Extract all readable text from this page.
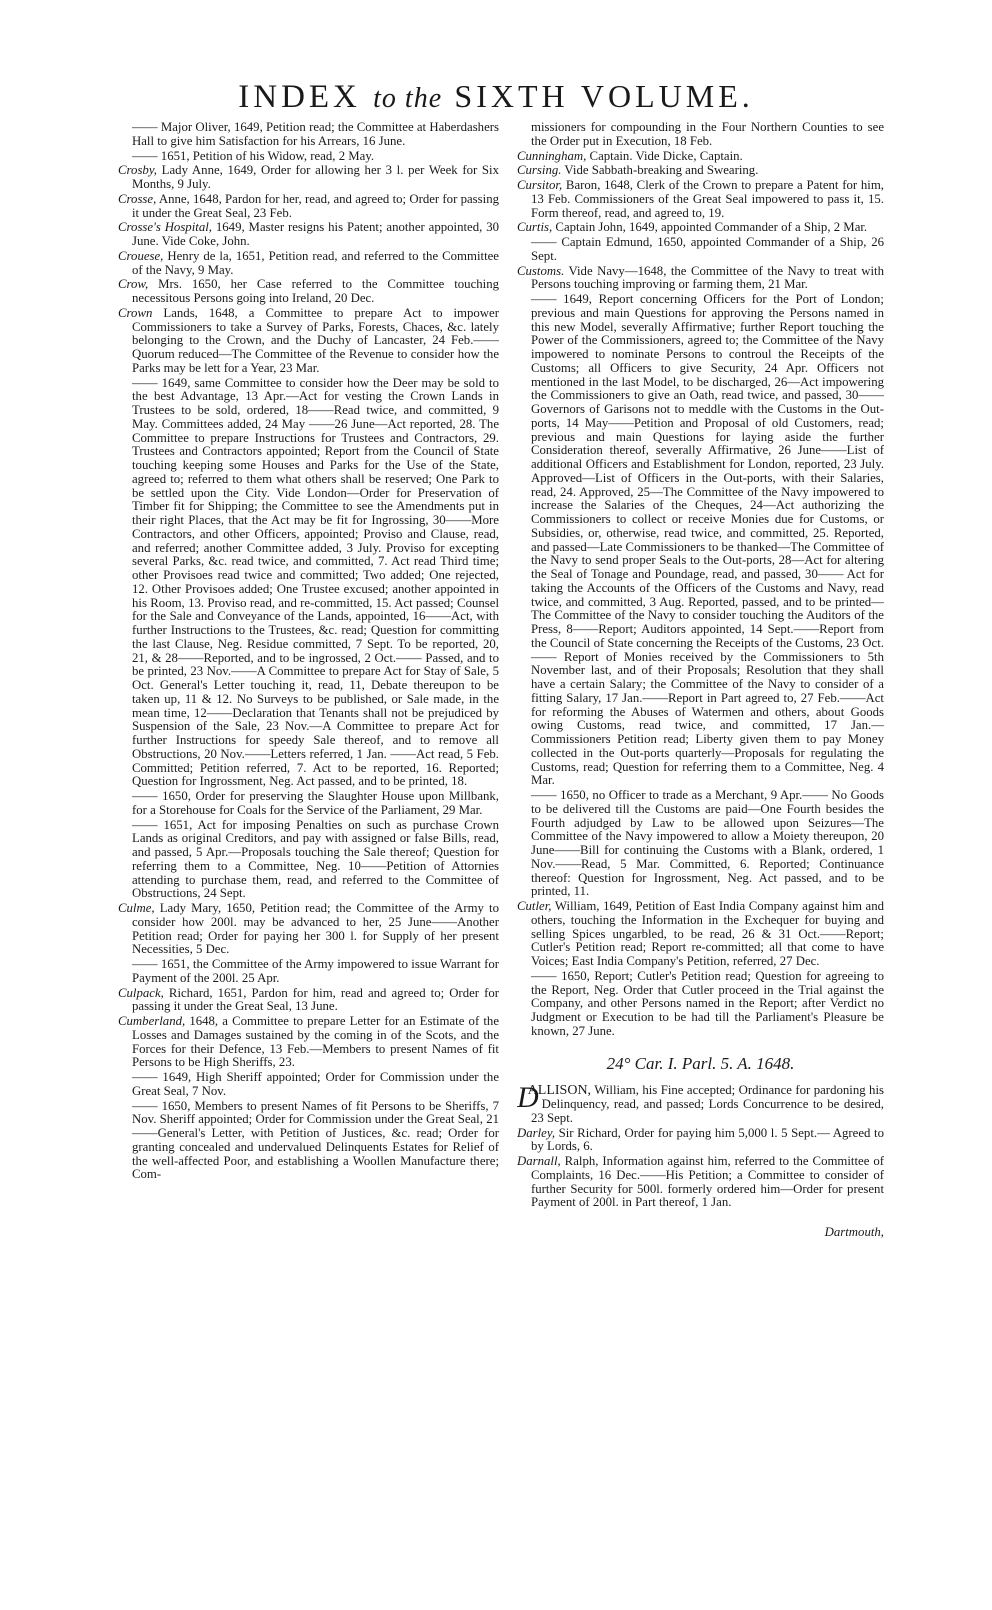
INDEX to the SIXTH VOLUME.
—— Major Oliver, 1649, Petition read; the Committee at Haberdashers Hall to give him Satisfaction for his Arrears, 16 June.
—— 1651, Petition of his Widow, read, 2 May.
Crosby, Lady Anne, 1649, Order for allowing her 3 l. per Week for Six Months, 9 July.
Crosse, Anne, 1648, Pardon for her, read, and agreed to; Order for passing it under the Great Seal, 23 Feb.
Crosse's Hospital, 1649, Master resigns his Patent; another appointed, 30 June. Vide Coke, John.
Crouese, Henry de la, 1651, Petition read, and referred to the Committee of the Navy, 9 May.
Crow, Mrs. 1650, her Case referred to the Committee touching necessitous Persons going into Ireland, 20 Dec.
Crown Lands, 1648, a Committee to prepare Act to impower Commissioners to take a Survey of Parks, Forests, Chaces, &c. lately belonging to the Crown, and the Duchy of Lancaster, 24 Feb.——Quorum reduced—The Committee of the Revenue to consider how the Parks may be lett for a Year, 23 Mar.
—— 1649, same Committee to consider how the Deer may be sold to the best Advantage, 13 Apr.—Act for vesting the Crown Lands in Trustees to be sold, ordered, 18——Read twice, and committed, 9 May. Committees added, 24 May ——26 June—Act reported, 28. The Committee to prepare Instructions for Trustees and Contractors, 29. Trustees and Contractors appointed; Report from the Council of State touching keeping some Houses and Parks for the Use of the State, agreed to; referred to them what others shall be reserved; One Park to be settled upon the City. Vide London—Order for Preservation of Timber fit for Shipping; the Committee to see the Amendments put in their right Places, that the Act may be fit for Ingrossing, 30——More Contractors, and other Officers, appointed; Proviso and Clause, read, and referred; another Committee added, 3 July. Proviso for excepting several Parks, &c. read twice, and committed, 7. Act read Third time; other Provisoes read twice and committed; Two added; One rejected, 12. Other Provisoes added; One Trustee excused; another appointed in his Room, 13. Proviso read, and re-committed, 15. Act passed; Counsel for the Sale and Conveyance of the Lands, appointed, 16——Act, with further Instructions to the Trustees, &c. read; Question for committing the last Clause, Neg. Residue committed, 7 Sept. To be reported, 20, 21, & 28——Reported, and to be ingrossed, 2 Oct.—— Passed, and to be printed, 23 Nov.——A Committee to prepare Act for Stay of Sale, 5 Oct. General's Letter touching it, read, 11, Debate thereupon to be taken up, 11 & 12. No Surveys to be published, or Sale made, in the mean time, 12——Declaration that Tenants shall not be prejudiced by Suspension of the Sale, 23 Nov.—A Committee to prepare Act for further Instructions for speedy Sale thereof, and to remove all Obstructions, 20 Nov.——Letters referred, 1 Jan. ——Act read, 5 Feb. Committed; Petition referred, 7. Act to be reported, 16. Reported; Question for Ingrossment, Neg. Act passed, and to be printed, 18.
—— 1650, Order for preserving the Slaughter House upon Millbank, for a Storehouse for Coals for the Service of the Parliament, 29 Mar.
—— 1651, Act for imposing Penalties on such as purchase Crown Lands as original Creditors, and pay with assigned or false Bills, read, and passed, 5 Apr.—Proposals touching the Sale thereof; Question for referring them to a Committee, Neg. 10——Petition of Attornies attending to purchase them, read, and referred to the Committee of Obstructions, 24 Sept.
Culme, Lady Mary, 1650, Petition read; the Committee of the Army to consider how 200l. may be advanced to her, 25 June——Another Petition read; Order for paying her 300 l. for Supply of her present Necessities, 5 Dec.
—— 1651, the Committee of the Army impowered to issue Warrant for Payment of the 200l. 25 Apr.
Culpack, Richard, 1651, Pardon for him, read and agreed to; Order for passing it under the Great Seal, 13 June.
Cumberland, 1648, a Committee to prepare Letter for an Estimate of the Losses and Damages sustained by the coming in of the Scots, and the Forces for their Defence, 13 Feb.—Members to present Names of fit Persons to be High Sheriffs, 23.
—— 1649, High Sheriff appointed; Order for Commission under the Great Seal, 7 Nov.
—— 1650, Members to present Names of fit Persons to be Sheriffs, 7 Nov. Sheriff appointed; Order for Commission under the Great Seal, 21——General's Letter, with Petition of Justices, &c. read; Order for granting concealed and undervalued Delinquents Estates for Relief of the well-affected Poor, and establishing a Woollen Manufacture there; Com-
missioners for compounding in the Four Northern Counties to see the Order put in Execution, 18 Feb.
Cunningham, Captain. Vide Dicke, Captain.
Cursing. Vide Sabbath-breaking and Swearing.
Cursitor, Baron, 1648, Clerk of the Crown to prepare a Patent for him, 13 Feb. Commissioners of the Great Seal impowered to pass it, 15. Form thereof, read, and agreed to, 19.
Curtis, Captain John, 1649, appointed Commander of a Ship, 2 Mar.
—— Captain Edmund, 1650, appointed Commander of a Ship, 26 Sept.
Customs. Vide Navy—1648, the Committee of the Navy to treat with Persons touching improving or farming them, 21 Mar.
—— 1649, Report concerning Officers for the Port of London; previous and main Questions for approving the Persons named in this new Model, severally Affirmative; further Report touching the Power of the Commissioners, agreed to; the Committee of the Navy impowered to nominate Persons to controul the Receipts of the Customs; all Officers to give Security, 24 Apr. Officers not mentioned in the last Model, to be discharged, 26—Act impowering the Commissioners to give an Oath, read twice, and passed, 30——Governors of Garisons not to meddle with the Customs in the Out-ports, 14 May——Petition and Proposal of old Customers, read; previous and main Questions for laying aside the further Consideration thereof, severally Affirmative, 26 June——List of additional Officers and Establishment for London, reported, 23 July. Approved—List of Officers in the Out-ports, with their Salaries, read, 24. Approved, 25—The Committee of the Navy impowered to increase the Salaries of the Cheques, 24—Act authorizing the Commissioners to collect or receive Monies due for Customs, or Subsidies, or, otherwise, read twice, and committed, 25. Reported, and passed—Late Commissioners to be thanked—The Committee of the Navy to send proper Seals to the Out-ports, 28—Act for altering the Seal of Tonage and Poundage, read, and passed, 30—— Act for taking the Accounts of the Officers of the Customs and Navy, read twice, and committed, 3 Aug. Reported, passed, and to be printed—The Committee of the Navy to consider touching the Auditors of the Press, 8——Report; Auditors appointed, 14 Sept.——Report from the Council of State concerning the Receipts of the Customs, 23 Oct.—— Report of Monies received by the Commissioners to 5th November last, and of their Proposals; Resolution that they shall have a certain Salary; the Committee of the Navy to consider of a fitting Salary, 17 Jan.——Report in Part agreed to, 27 Feb.——Act for reforming the Abuses of Watermen and others, about Goods owing Customs, read twice, and committed, 17 Jan.—Commissioners Petition read; Liberty given them to pay Money collected in the Out-ports quarterly—Proposals for regulating the Customs, read; Question for referring them to a Committee, Neg. 4 Mar.
—— 1650, no Officer to trade as a Merchant, 9 Apr.—— No Goods to be delivered till the Customs are paid—One Fourth besides the Fourth adjudged by Law to be allowed upon Seizures—The Committee of the Navy impowered to allow a Moiety thereupon, 20 June——Bill for continuing the Customs with a Blank, ordered, 1 Nov.——Read, 5 Mar. Committed, 6. Reported; Continuance thereof: Question for Ingrossment, Neg. Act passed, and to be printed, 11.
Cutler, William, 1649, Petition of East India Company against him and others, touching the Information in the Exchequer for buying and selling Spices ungarbled, to be read, 26 & 31 Oct.——Report; Cutler's Petition read; Report re-committed; all that come to have Voices; East India Company's Petition, referred, 27 Dec.
—— 1650, Report; Cutler's Petition read; Question for agreeing to the Report, Neg. Order that Cutler proceed in the Trial against the Company, and other Persons named in the Report; after Verdict no Judgment or Execution to be had till the Parliament's Pleasure be known, 27 June.
24° Car. I. Parl. 5. A. 1648.
D
ALLISON, William, his Fine accepted; Ordinance for pardoning his Delinquency, read, and passed; Lords Concurrence to be desired, 23 Sept.
Darley, Sir Richard, Order for paying him 5,000 l. 5 Sept.— Agreed to by Lords, 6.
Darnall, Ralph, Information against him, referred to the Committee of Complaints, 16 Dec.——His Petition; a Committee to consider of further Security for 500l. formerly ordered him—Order for present Payment of 200l. in Part thereof, 1 Jan.
Dartmouth,
